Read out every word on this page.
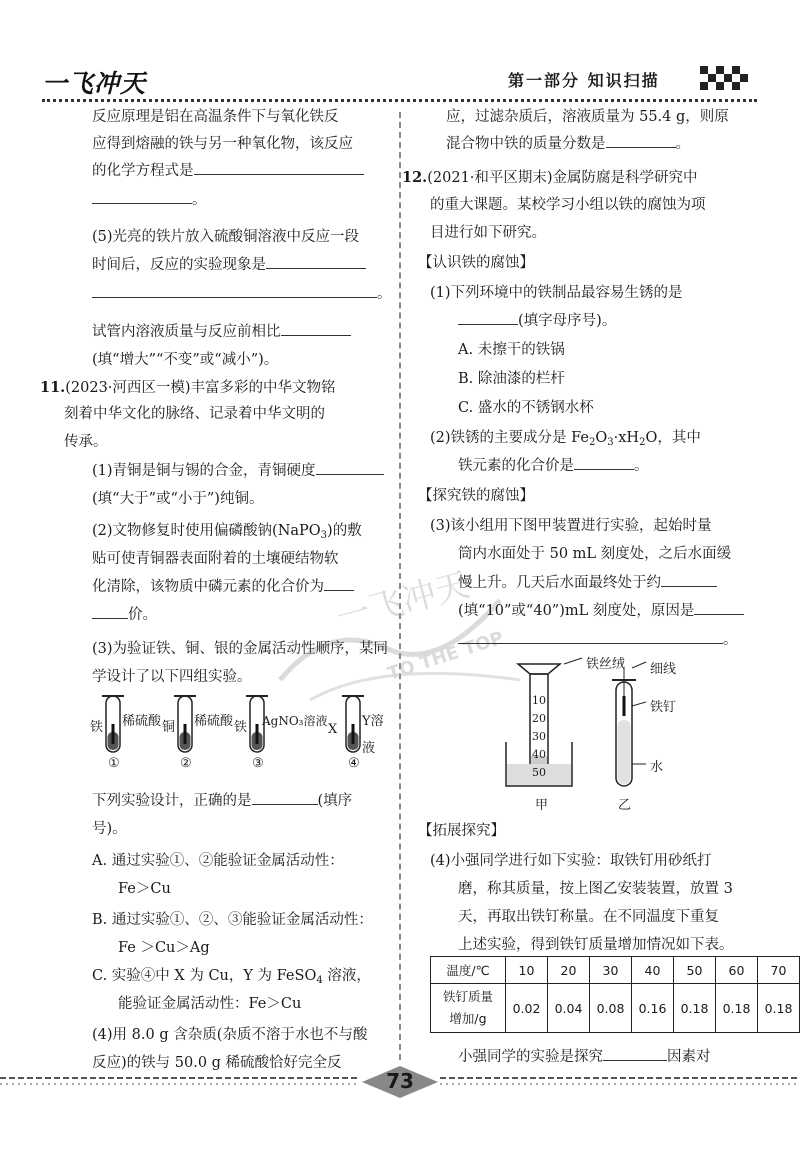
一飞冲天	第一部分 知识扫描
一飞冲天
TO THE TOP
反应原理是铝在高温条件下与氧化铁反
应得到熔融的铁与另一种氧化物，该反应
的化学方程式是
。
(5)光亮的铁片放入硫酸铜溶液中反应一段
时间后，反应的实验现象是
。
试管内溶液质量与反应前相比
(填“增大”“不变”或“减小”)。
11.(2023·河西区一模)丰富多彩的中华文物铭
刻着中华文化的脉络、记录着中华文明的
传承。
(1)青铜是铜与锡的合金，青铜硬度
(填“大于”或“小于”)纯铜。
(2)文物修复时使用偏磷酸钠(NaPO$_3$)的敷
贴可使青铜器表面附着的土壤硬结物软
化清除，该物质中磷元素的化合价为
价。
(3)为验证铁、铜、银的金属活动性顺序，某同
学设计了以下四组实验。
铁 稀硫酸
①
铜 稀硫酸
②
铁 AgNO₃溶液
③
X
Y溶液
④
下列实验设计，正确的是	(填序
号)。
A. 通过实验①、②能验证金属活动性：
Fe＞Cu
B. 通过实验①、②、③能验证金属活动性：
Fe ＞Cu＞Ag
C. 实验④中 X 为 Cu，Y 为 FeSO$_4$ 溶液，
能验证金属活动性：Fe＞Cu
(4)用 8.0 g 含杂质(杂质不溶于水也不与酸
反应)的铁与 50.0 g 稀硫酸恰好完全反
应，过滤杂质后，溶液质量为 55.4 g，则原
混合物中铁的质量分数是	。
12.(2021·和平区期末)金属防腐是科学研究中
的重大课题。某校学习小组以铁的腐蚀为项
目进行如下研究。
【认识铁的腐蚀】
(1)下列环境中的铁制品最容易生锈的是
(填字母序号)。
A. 未擦干的铁锅
B. 除油漆的栏杆
C. 盛水的不锈钢水杯
(2)铁锈的主要成分是 $Fe_2O_3\cdot xH_2O$，其中
铁元素的化合价是	。
【探究铁的腐蚀】
(3)该小组用下图甲装置进行实验，起始时量
筒内水面处于 50 mL 刻度处，之后水面缓
慢上升。几天后水面最终处于约
(填“10”或“40”)mL 刻度处，原因是
。
铁丝绒
10
20
30
40
50
细线
铁钉
水
甲	乙
【拓展探究】
(4)小强同学进行如下实验：取铁钉用砂纸打
磨，称其质量，按上图乙安装装置，放置 3
天，再取出铁钉称量。在不同温度下重复
上述实验，得到铁钉质量增加情况如下表。
小强同学的实验是探究	因素对
温度/℃	10	20	30	40	50	60	70

铁钉质量
增加/g	0.02	0.04	0.08	0.16	0.18	0.18	0.18
73
